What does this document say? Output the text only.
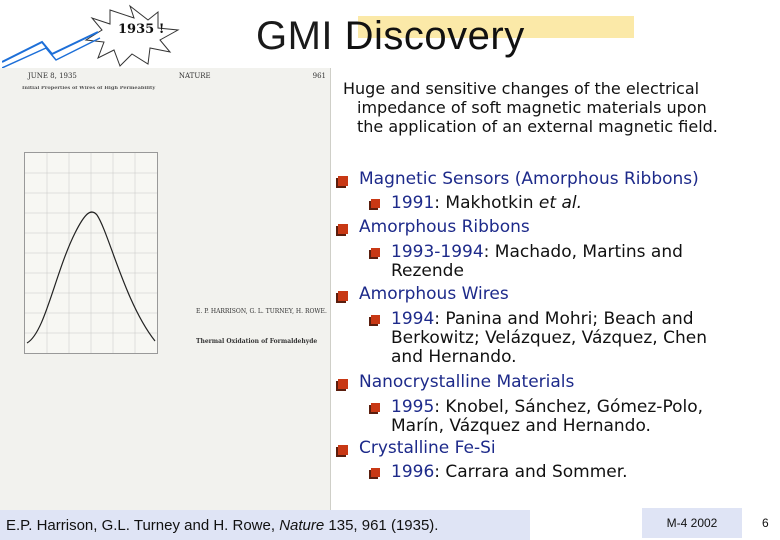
1935 ! GMI Discovery
JUNE 8, 1935	NATURE	961

Initial Properties of Wires of High Permeability

E. P. HARRISON, G. L. TURNEY, H. ROWE.
Thermal Oxidation of Formaldehyde
Huge and sensitive changes of the electrical
impedance of soft magnetic materials upon
the application of an external magnetic field.
Magnetic Sensors (Amorphous Ribbons)
1991: Makhotkin et al.
Amorphous Ribbons
1993-1994: Machado, Martins and
Rezende
Amorphous Wires
1994: Panina and Mohri; Beach and
Berkowitz; Velázquez, Vázquez, Chen
and Hernando.
Nanocrystalline Materials
1995: Knobel, Sánchez, Gómez-Polo,
Marín, Vázquez and Hernando.
Crystalline Fe-Si
1996: Carrara and Sommer.
E.P. Harrison, G.L. Turney and H. Rowe, Nature 135, 961 (1935).	M-4 2002	6
